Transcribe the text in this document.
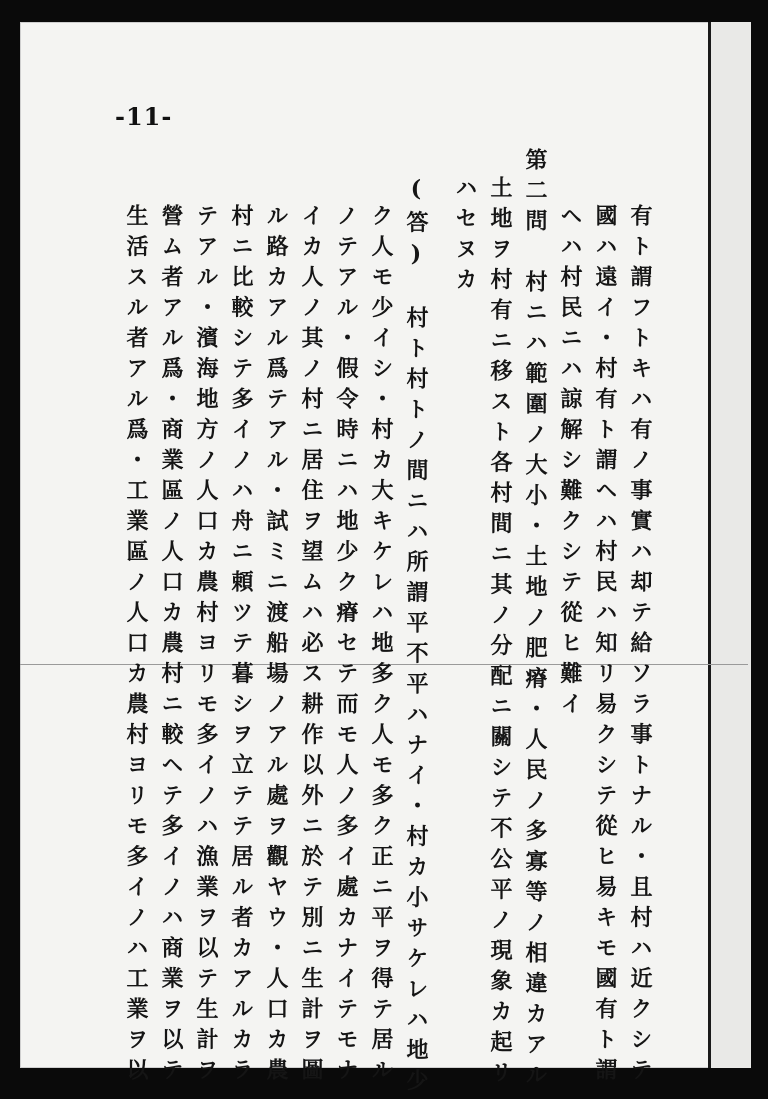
-11-
有ト謂フトキハ有ノ事實ハ却テ給ソラ事トナル・且村ハ近クシテ
國ハ遠イ・村有ト謂ヘハ村民ハ知リ易クシテ從ヒ易キモ國有ト謂
ヘハ村民ニハ諒解シ難クシテ從ヒ難イ
第二問　村ニハ範圍ノ大小・土地ノ肥瘠・人民ノ多寡等ノ相違カアル
土地ヲ村有ニ移スト各村間ニ其ノ分配ニ關シテ不公平ノ現象カ起リ
ハセヌカ
(答)　村ト村トノ間ニハ所謂平不平ハナイ・村カ小サケレハ地少
ク人モ少イシ・村カ大キケレハ地多ク人モ多ク正ニ平ヲ得テ居ル
ノテアル・假令時ニハ地少ク瘠セテ而モ人ノ多イ處カナイテモナ
イカ人ノ其ノ村ニ居住ヲ望ムハ必ス耕作以外ニ於テ別ニ生計ヲ圖
ル路カアル爲テアル・試ミニ渡船場ノアル處ヲ觀ヤウ・人口カ農
村ニ比較シテ多イノハ舟ニ頼ツテ暮シヲ立テテ居ル者カアルカラ
テアル・濱海地方ノ人口カ農村ヨリモ多イノハ漁業ヲ以テ生計ヲ
營ム者アル爲・商業區ノ人口カ農村ニ較ヘテ多イノハ商業ヲ以テ
生活スル者アル爲・工業區ノ人口カ農村ヨリモ多イノハ工業ヲ以
